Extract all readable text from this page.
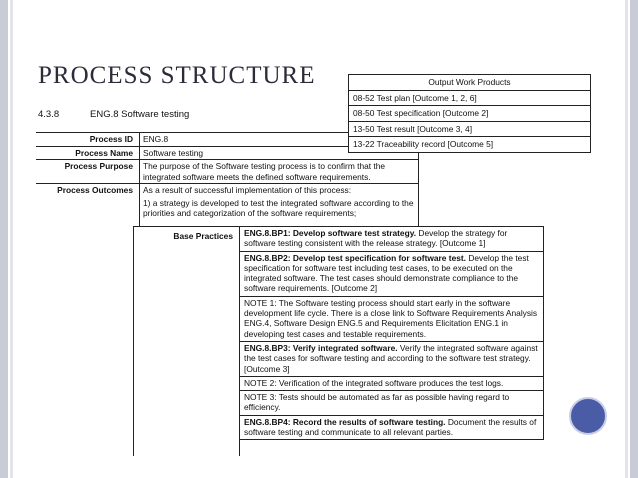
PROCESS STRUCTURE
4.3.8	ENG.8 Software testing
Process ID	ENG.8
Process Name	Software testing
Process Purpose	The purpose of the Software testing process is to confirm that the integrated software meets the defined software requirements.
Process Outcomes	As a result of successful implementation of this process:
1) a strategy is developed to test the integrated software according to the priorities and categorization of the software requirements;
Output Work Products
08-52 Test plan [Outcome 1, 2, 6]
08-50 Test specification [Outcome 2]
13-50 Test result [Outcome 3, 4]
13-22 Traceability record [Outcome 5]
Base Practices	ENG.8.BP1: Develop software test strategy. Develop the strategy for software testing consistent with the release strategy. [Outcome 1]
ENG.8.BP2: Develop test specification for software test. Develop the test specification for software test including test cases, to be executed on the integrated software. The test cases should demonstrate compliance to the software requirements. [Outcome 2]
NOTE 1: The Software testing process should start early in the software development life cycle. There is a close link to Software Requirements Analysis ENG.4, Software Design ENG.5 and Requirements Elicitation ENG.1 in developing test cases and testable requirements.
ENG.8.BP3: Verify integrated software. Verify the integrated software against the test cases for software testing and according to the software test strategy. [Outcome 3]
NOTE 2: Verification of the integrated software produces the test logs.
NOTE 3: Tests should be automated as far as possible having regard to efficiency.
ENG.8.BP4: Record the results of software testing. Document the results of software testing and communicate to all relevant parties.
